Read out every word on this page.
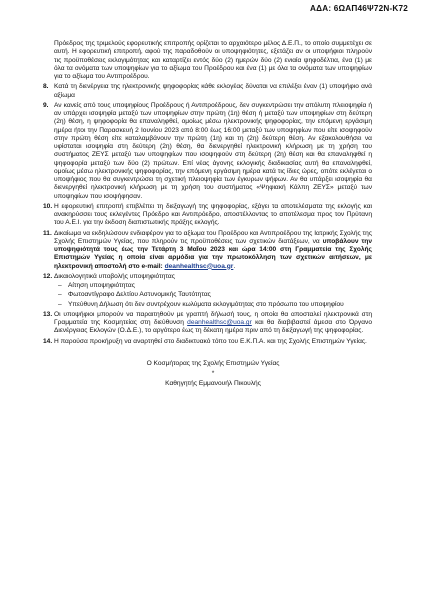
ΑΔΑ: 6ΩΑΠ46Ψ72Ν-Κ72

Πρόεδρος της τριμελούς εφορευτικής επιτροπής ορίζεται το αρχαιότερο μέλος Δ.Ε.Π., το οποίο συμμετέχει σε αυτή. Η εφορευτική επιτροπή, αφού της παραδοθούν οι υποψηφιότητες, εξετάζει αν οι υποψήφιοι πληρούν τις προϋποθέσεις εκλογιμότητας και καταρτίζει εντός δύο (2) ημερών δύο (2) ενιαία ψηφοδέλτια, ένα (1) με όλα τα ονόματα των υποψηφίων για το αξίωμα του Προέδρου και ένα (1) με όλα τα ονόματα των υποψηφίων για το αξίωμα του Αντιπροέδρου.

8. Κατά τη διενέργεια της ηλεκτρονικής ψηφοφορίας κάθε εκλογέας δύναται να επιλέξει έναν (1) υποψήφιο ανά αξίωμα
9. Αν κανείς από τους υποψηφίους Προέδρους ή Αντιπροέδρους, δεν συγκεντρώσει την απόλυτη πλειοψηφία ή αν υπάρχει ισοψηφία μεταξύ των υποψηφίων στην πρώτη (1η) θέση ή μεταξύ των υποψηφίων στη δεύτερη (2η) θέση, η ψηφοφορία θα επαναληφθεί, ομοίως μέσω ηλεκτρονικής ψηφοφορίας, την επόμενη εργάσιμη ημέρα ήτοι την Παρασκευή 2 Ιουνίου 2023 από 8:00 έως 16:00 μεταξύ των υποψηφίων που είτε ισοψηφούν στην πρώτη θέση είτε καταλαμβάνουν την πρώτη (1η) και τη (2η) δεύτερη θέση. Αν εξακολουθήσει να υφίσταται ισοψηφία στη δεύτερη (2η) θέση, θα διενεργηθεί ηλεκτρονική κλήρωση με τη χρήση του συστήματος ΖΕΥΣ μεταξύ των υποψηφίων που ισοψηφούν στη δεύτερη (2η) θέση και θα επαναληφθεί η ψηφοφορία μεταξύ των δύο (2) πρώτων. Επί νέας άγονης εκλογικής διαδικασίας αυτή θα επαναληφθεί, ομοίως μέσω ηλεκτρονικής ψηφοφορίας, την επόμενη εργάσιμη ημέρα κατά τις ίδιες ώρες, οπότε εκλέγεται ο υποψήφιος που θα συγκεντρώσει τη σχετική πλειοψηφία των έγκυρων ψήφων. Αν θα υπάρξει ισοψηφία θα διενεργηθεί ηλεκτρονική κλήρωση με τη χρήση του συστήματος «Ψηφιακή Κάλπη ΖΕΥΣ» μεταξύ των υποψηφίων που ισοψήφησαν.
10. Η εφορευτική επιτροπή επιβλέπει τη διεξαγωγή της ψηφοφορίας, εξάγει τα αποτελέσματα της εκλογής και ανακηρύσσει τους εκλεγέντες Πρόεδρο και Αντιπρόεδρο, αποστέλλοντας το αποτέλεσμα προς τον Πρύτανη του Α.Ε.Ι. για την έκδοση διαπιστωτικής πράξης εκλογής.
11. Δικαίωμα να εκδηλώσουν ενδιαφέρον για το αξίωμα του Προέδρου και Αντιπροέδρου της Ιατρικής Σχολής της Σχολής Επιστημών Υγείας, που πληρούν τις προϋποθέσεις των σχετικών διατάξεων, να υποβάλουν την υποψηφιότητά τους έως την Τετάρτη 3 Μαΐου 2023 και ώρα 14:00 στη Γραμματεία της Σχολής Επιστημών Υγείας η οποία είναι αρμόδια για την πρωτοκόλληση των σχετικών αιτήσεων, με ηλεκτρονική αποστολή στο e-mail: deanhealthsc@uoa.gr.
12. Δικαιολογητικά υποβολής υποψηφιότητας
– Αίτηση υποψηφιότητας
– Φωτοαντίγραφο Δελτίου Αστυνομικής Ταυτότητας
– Υπεύθυνη Δήλωση ότι δεν συντρέχουν κωλύματα εκλογιμότητας στο πρόσωπο του υποψηφίου
13. Οι υποψήφιοι μπορούν να παραιτηθούν με γραπτή δήλωσή τους, η οποία θα αποσταλεί ηλεκτρονικά στη Γραμματεία της Κοσμητείας στη διεύθυνση deanhealthsc@uoa.gr και θα διαβιβαστεί άμεσα στο Όργανο Διενέργειας Εκλογών (Ο.Δ.Ε.), το αργότερο έως τη δέκατη ημέρα πριν από τη διεξαγωγή της ψηφοφορίας.
14. Η παρούσα προκήρυξη να αναρτηθεί στο διαδικτυακό τόπο του Ε.Κ.Π.Α. και της Σχολής Επιστημών Υγείας.
Ο Κοσμήτορας της Σχολής Επιστημών Υγείας
*
Καθηγητής Εμμανουήλ Πικουλής
